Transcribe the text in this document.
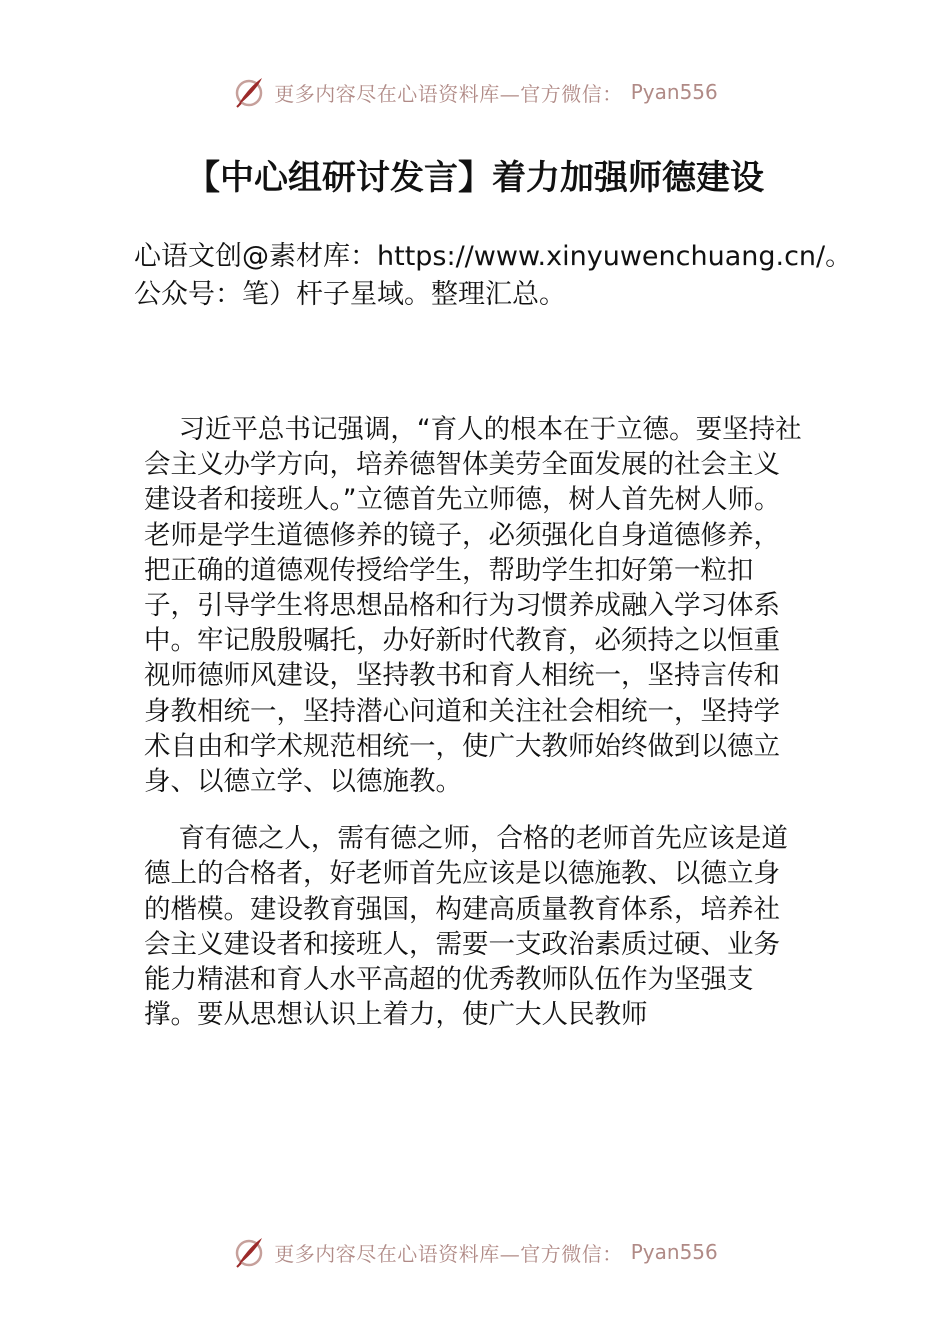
更多内容尽在心语资料库—官方微信： Pyan556
【中心组研讨发言】着力加强师德建设
心语文创@素材库：https://www.xinyuwenchuang.cn/。公众号：笔）杆子星域。整理汇总。

习近平总书记强调，“育人的根本在于立德。要坚持社会主义办学方向，培养德智体美劳全面发展的社会主义建设者和接班人。”立德首先立师德，树人首先树人师。老师是学生道德修养的镜子，必须强化自身道德修养，把正确的道德观传授给学生，帮助学生扣好第一粒扣子，引导学生将思想品格和行为习惯养成融入学习体系中。牢记殷殷嘱托，办好新时代教育，必须持之以恒重视师德师风建设，坚持教书和育人相统一，坚持言传和身教相统一，坚持潜心问道和关注社会相统一，坚持学术自由和学术规范相统一，使广大教师始终做到以德立身、以德立学、以德施教。

育有德之人，需有德之师，合格的老师首先应该是道德上的合格者，好老师首先应该是以德施教、以德立身的楷模。建设教育强国，构建高质量教育体系，培养社会主义建设者和接班人，需要一支政治素质过硬、业务能力精湛和育人水平高超的优秀教师队伍作为坚强支撑。要从思想认识上着力，使广大人民教师

更多内容尽在心语资料库—官方微信： Pyan556
